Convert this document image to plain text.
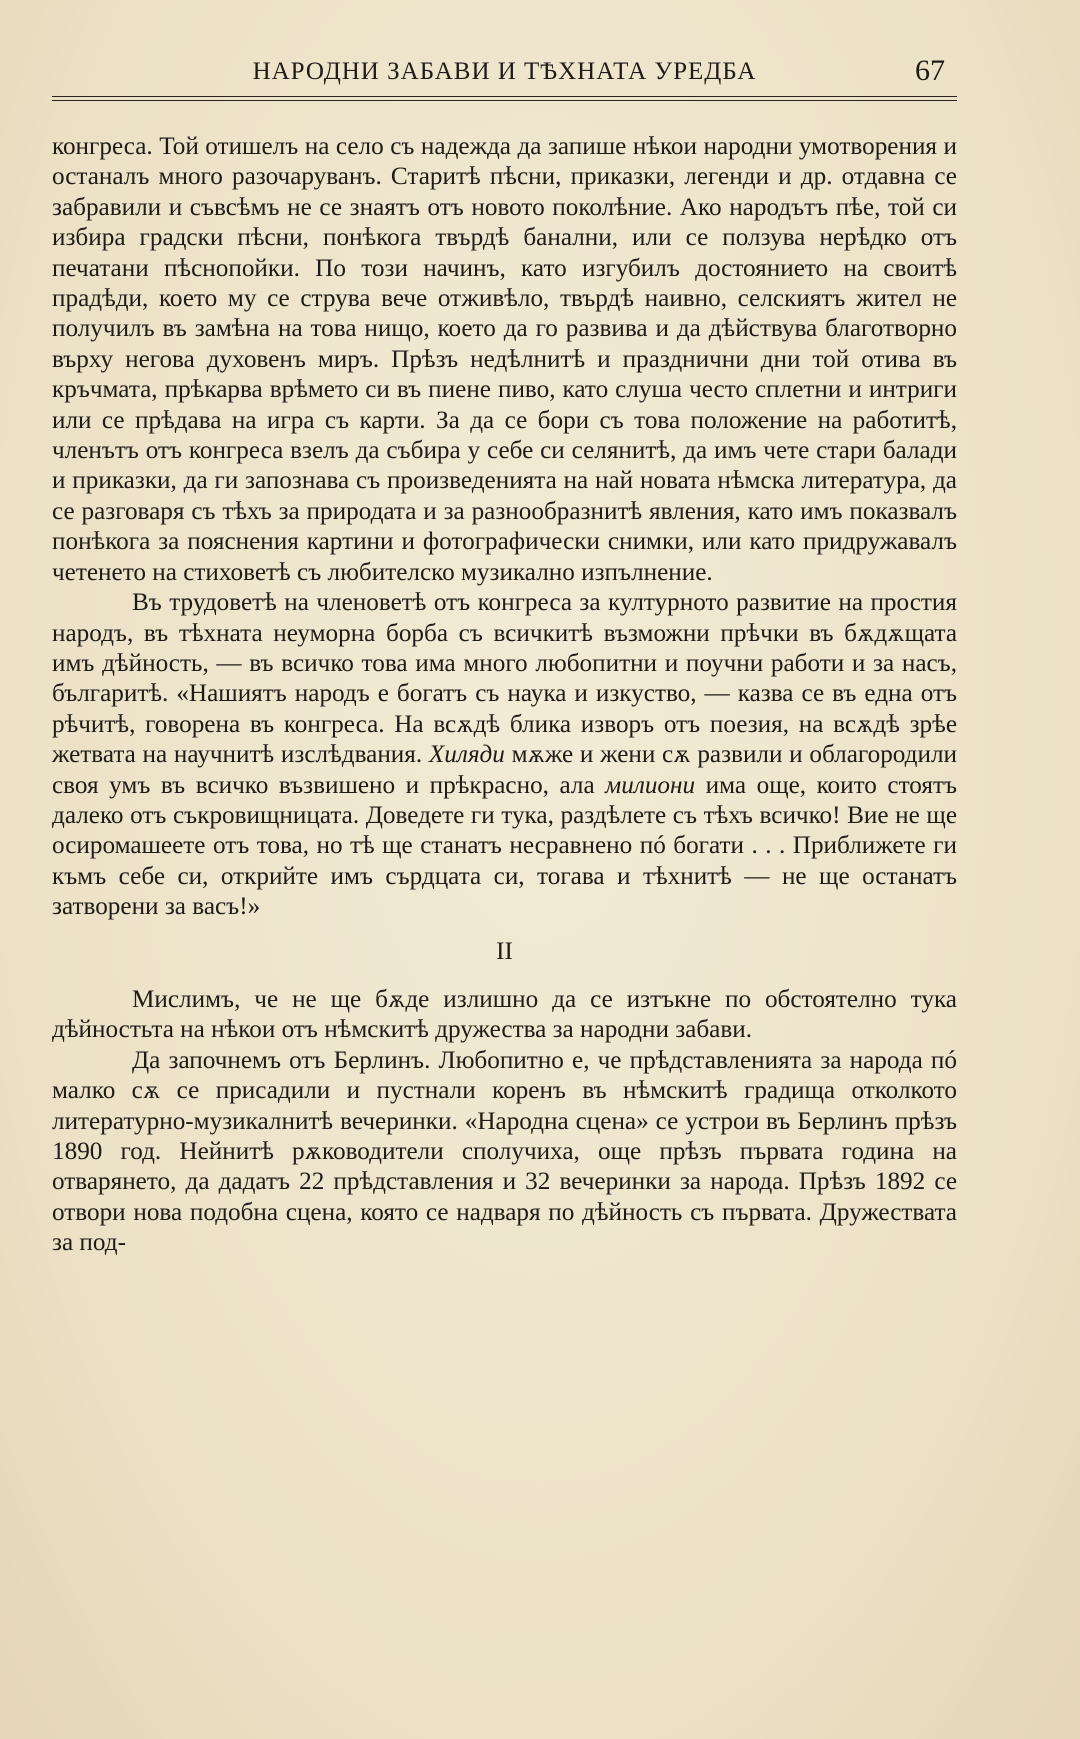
НАРОДНИ ЗАБАВИ И ТѢХНАТА УРЕДБА	67

конгреса. Той отишелъ на село съ надежда да запише нѣкои народни умотворения и останалъ много разочаруванъ. Старитѣ пѣсни, приказки, легенди и др. отдавна се забравили и съвсѣмъ не се знаятъ отъ новото поколѣние. Ако народътъ пѣе, той си избира градски пѣсни, понѣкога твърдѣ банални, или се ползува нерѣдко отъ печатани пѣснопойки. По този начинъ, като изгубилъ достоянието на своитѣ прадѣди, което му се струва вече отживѣло, твърдѣ наивно, селскиятъ жител не получилъ въ замѣна на това нищо, което да го развива и да дѣйствува благотворно върху негова духовенъ миръ. Прѣзъ недѣлнитѣ и празднични дни той отива въ кръчмата, прѣкарва врѣмето си въ пиене пиво, като слуша често сплетни и интриги или се прѣдава на игра съ карти. За да се бори съ това положение на работитѣ, членътъ отъ конгреса взелъ да събира у себе си селянитѣ, да имъ чете стари балади и приказки, да ги запознава съ произведенията на най новата нѣмска литература, да се разговаря съ тѣхъ за природата и за разнообразнитѣ явления, като имъ показвалъ понѣкога за пояснения картини и фотографически снимки, или като придружавалъ четенето на стиховетѣ съ любителско музикално изпълнение.

Въ трудоветѣ на членоветѣ отъ конгреса за културното развитие на простия народъ, въ тѣхната неуморна борба съ всичкитѣ възможни прѣчки въ бѫдѫщата имъ дѣйность, — въ всичко това има много любопитни и поучни работи и за насъ, българитѣ. «Нашиятъ народъ е богатъ съ наука и изкуство, — казва се въ една отъ рѣчитѣ, говорена въ конгреса. На всѫдѣ блика изворъ отъ поезия, на всѫдѣ зрѣе жетвата на научнитѣ изслѣдвания. Хиляди мѫже и жени сѫ развили и облагородили своя умъ въ всичко възвишено и прѣкрасно, ала милиони има още, които стоятъ далеко отъ съкровищницата. Доведете ги тука, раздѣлете съ тѣхъ всичко! Вие не ще осиромашеете отъ това, но тѣ ще станатъ несравнено пó богати . . . Приближете ги къмъ себе си, открийте имъ сърдцата си, тогава и тѣхнитѣ — не ще останатъ затворени за васъ!»

II

Мислимъ, че не ще бѫде излишно да се изтъкне по обстоятелно тука дѣйностьта на нѣкои отъ нѣмскитѣ дружества за народни забави.

Да започнемъ отъ Берлинъ. Любопитно е, че прѣдставленията за народа пó малко сѫ се присадили и пустнали коренъ въ нѣмскитѣ градища отколкото литературно-музикалнитѣ вечеринки. «Народна сцена» се устрои въ Берлинъ прѣзъ 1890 год. Нейнитѣ рѫководители сполучиха, още прѣзъ първата година на отварянето, да дадатъ 22 прѣдставления и 32 вечеринки за народа. Прѣзъ 1892 се отвори нова подобна сцена, която се надваря по дѣйность съ първата. Дружествата за под-
